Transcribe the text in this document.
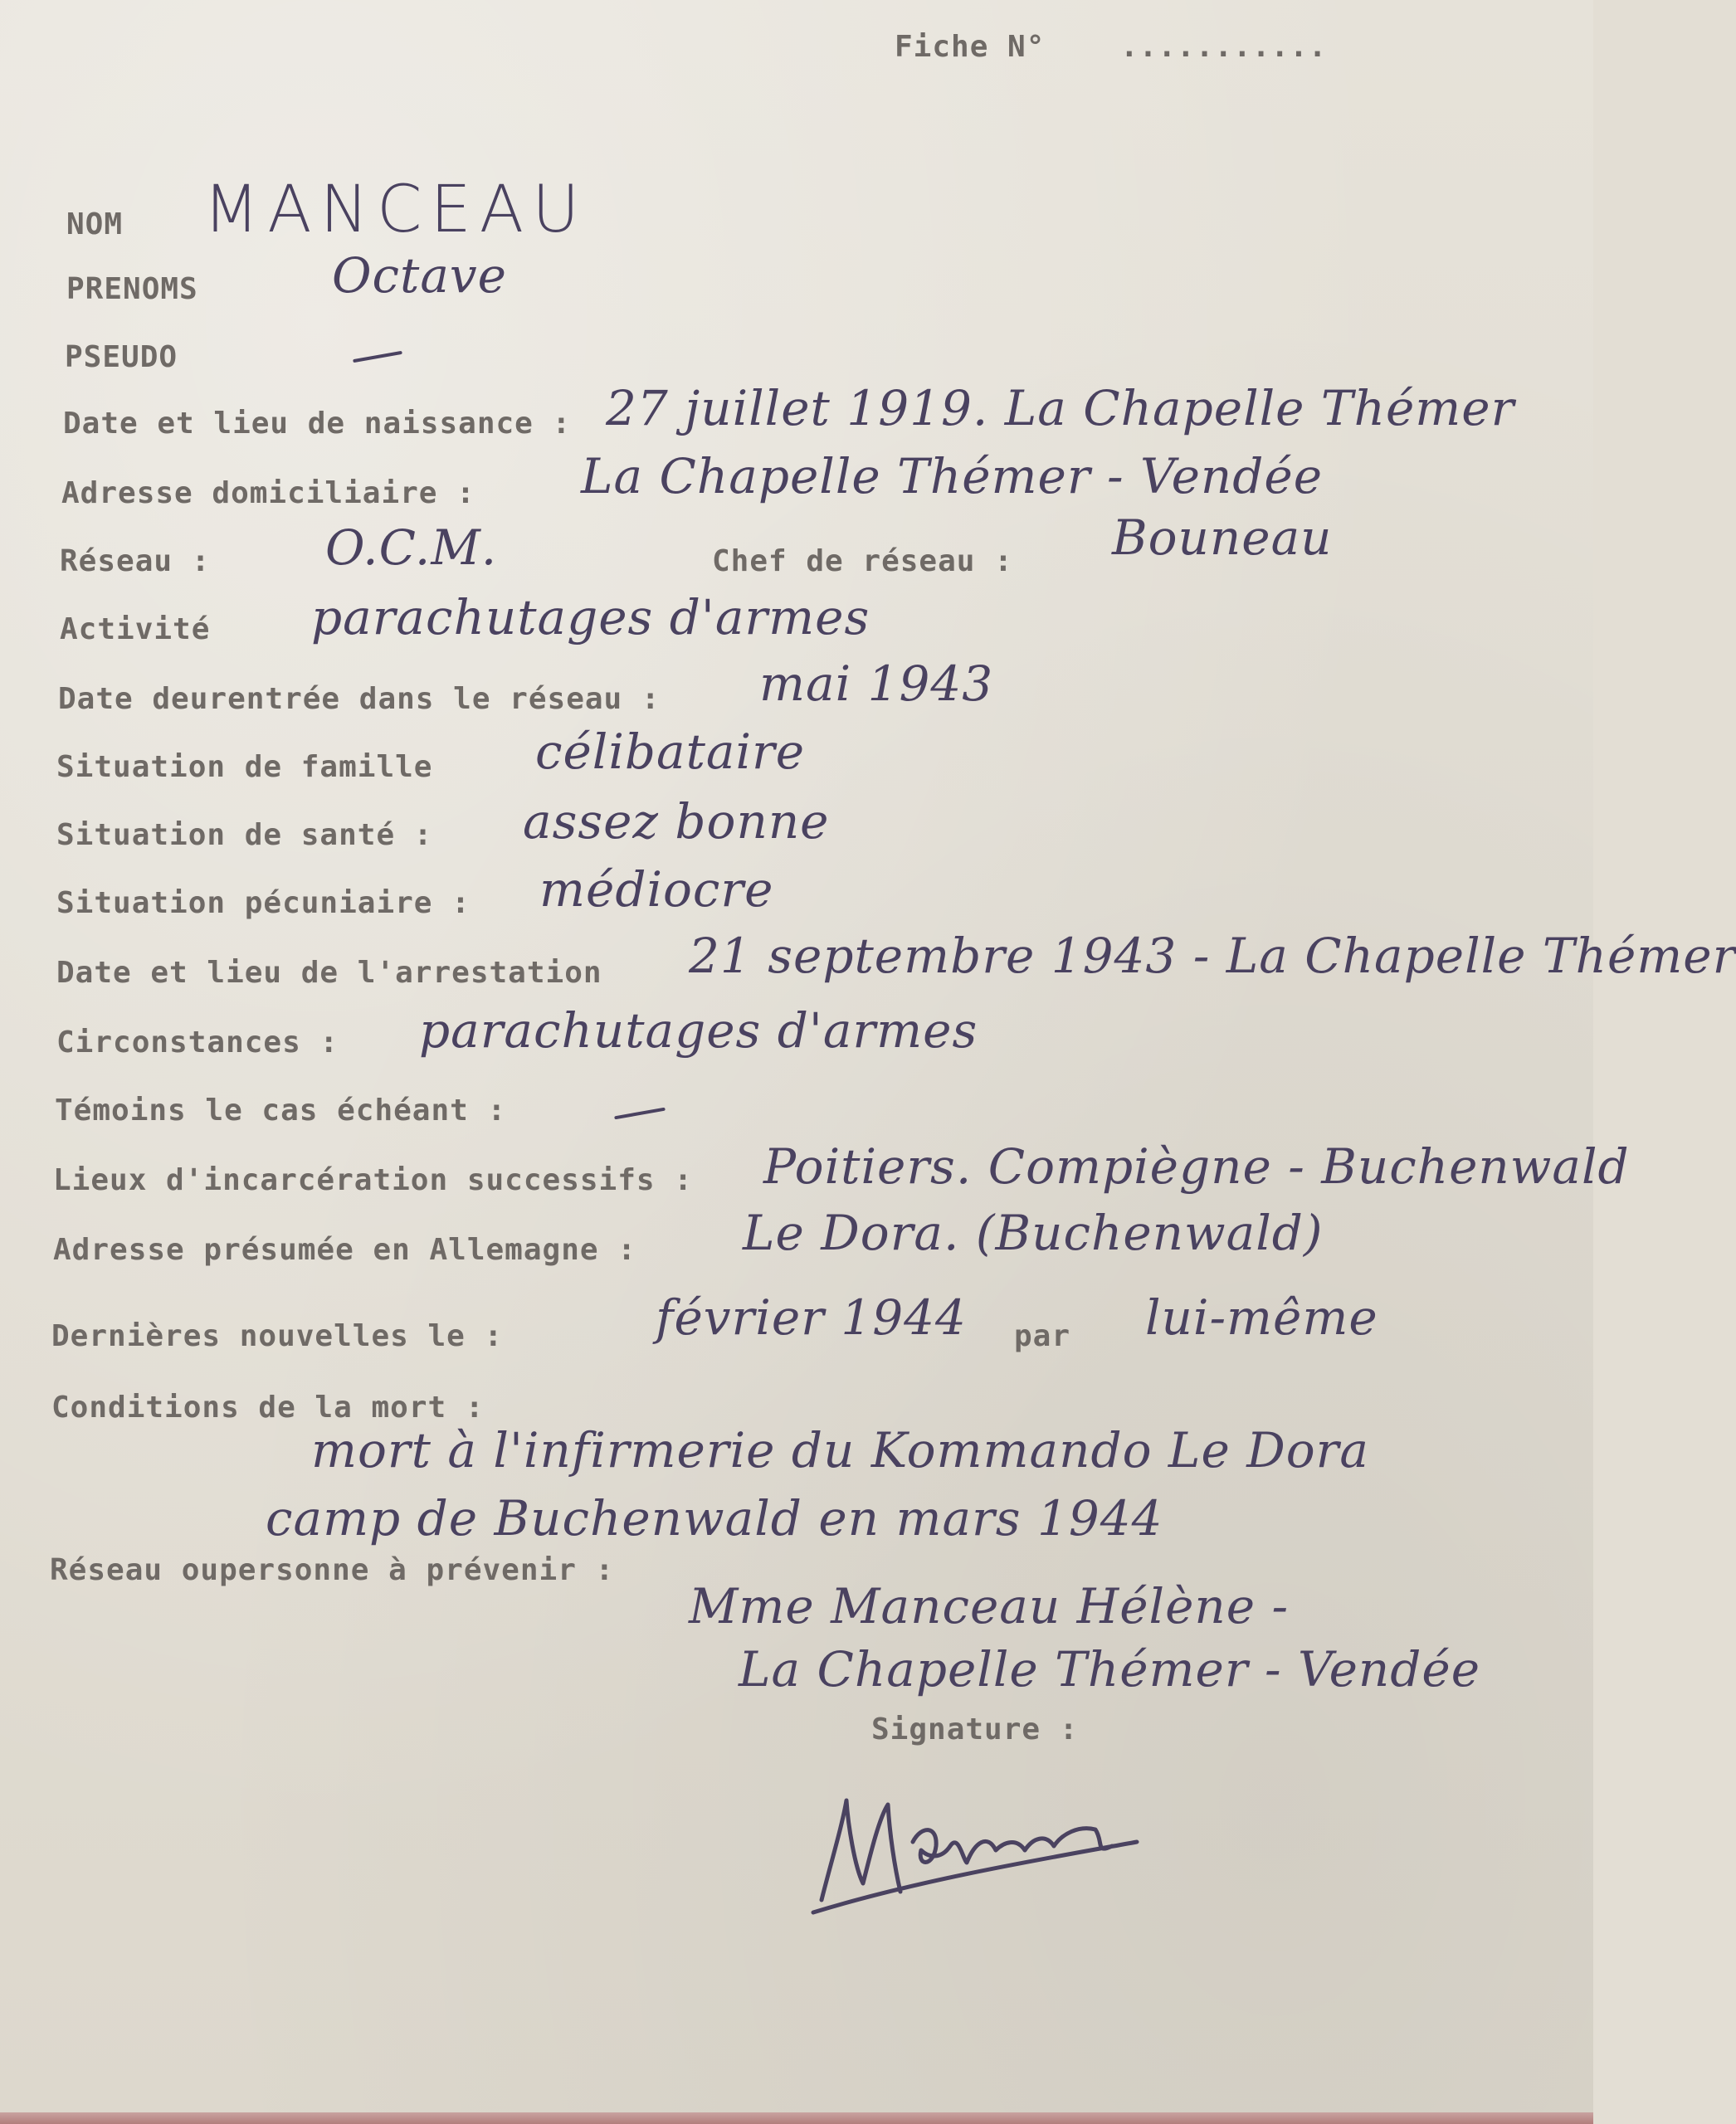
Fiche N°	...........

NOM MANCEAU

PRENOMS	Octave

PSEUDO

Date et lieu de naissance : 27 juillet 1919. La Chapelle Thémer

Adresse domiciliaire : La Chapelle Thémer - Vendée

Réseau : O.C.M.	Chef de réseau : Bouneau

Activité parachutages d'armes

Date deurentrée dans le réseau : mai 1943

Situation de famille célibataire

Situation de santé : assez bonne

Situation pécuniaire : médiocre

Date et lieu de l'arrestation 21 septembre 1943 - La Chapelle Thémer

Circonstances : parachutages d'armes

Témoins le cas échéant :

Lieux d'incarcération successifs : Poitiers. Compiègne - Buchenwald

Adresse présumée en Allemagne : Le Dora. (Buchenwald)

Dernières nouvelles le :	février 1944 par lui-même

Conditions de la mort :

mort à l'infirmerie du Kommando Le Dora

camp de Buchenwald en mars 1944

Réseau oupersonne à prévenir :

Mme Manceau Hélène -

La Chapelle Thémer - Vendée

Signature :
